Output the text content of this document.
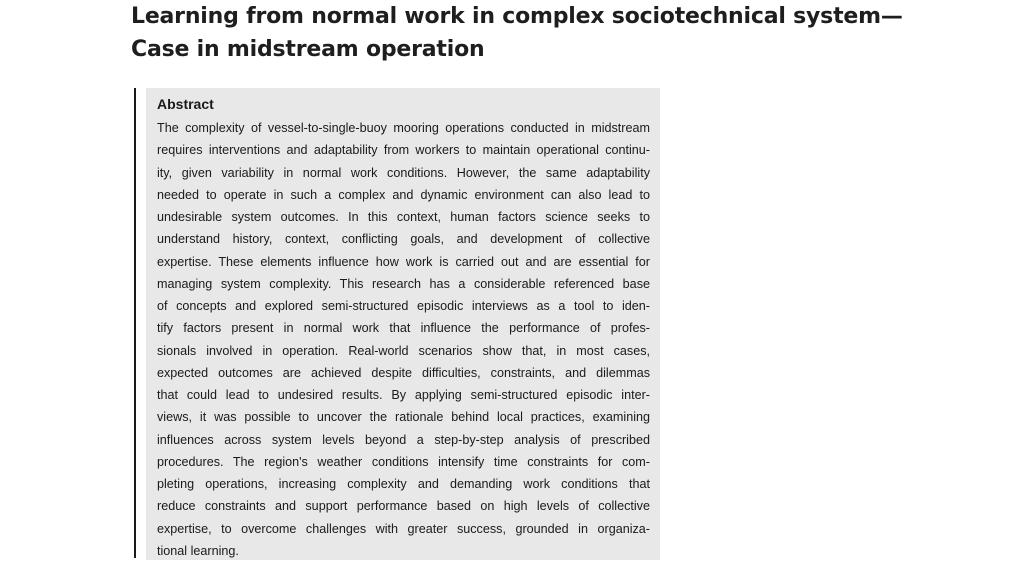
Learning from normal work in complex sociotechnical system—
Case in midstream operation
Abstract
The complexity of vessel-to-single-buoy mooring operations conducted in midstream
requires interventions and adaptability from workers to maintain operational continu-
ity, given variability in normal work conditions. However, the same adaptability
needed to operate in such a complex and dynamic environment can also lead to
undesirable system outcomes. In this context, human factors science seeks to
understand history, context, conflicting goals, and development of collective
expertise. These elements influence how work is carried out and are essential for
managing system complexity. This research has a considerable referenced base
of concepts and explored semi-structured episodic interviews as a tool to iden-
tify factors present in normal work that influence the performance of profes-
sionals involved in operation. Real-world scenarios show that, in most cases,
expected outcomes are achieved despite difficulties, constraints, and dilemmas
that could lead to undesired results. By applying semi-structured episodic inter-
views, it was possible to uncover the rationale behind local practices, examining
influences across system levels beyond a step-by-step analysis of prescribed
procedures. The region's weather conditions intensify time constraints for com-
pleting operations, increasing complexity and demanding work conditions that
reduce constraints and support performance based on high levels of collective
expertise, to overcome challenges with greater success, grounded in organiza-
tional learning.
